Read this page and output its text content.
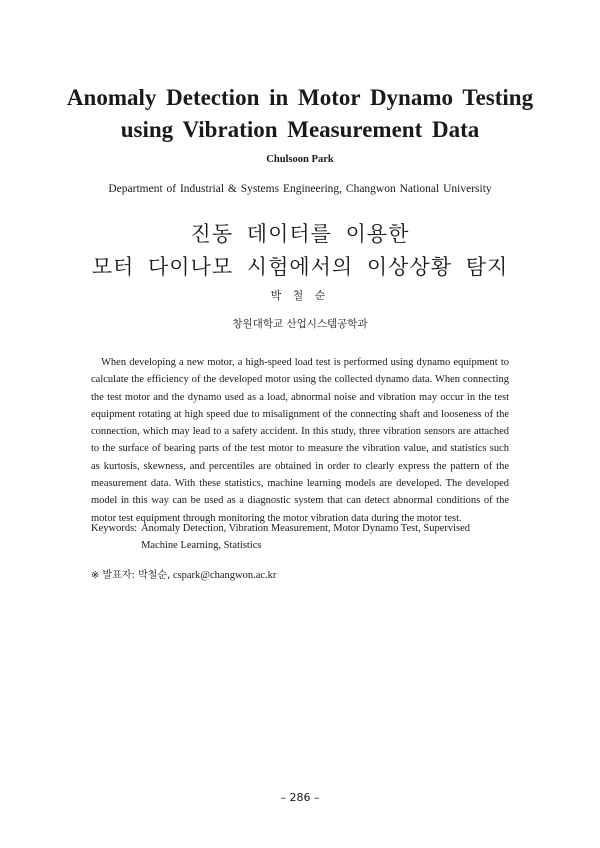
Anomaly Detection in Motor Dynamo Testing using Vibration Measurement Data
Chulsoon Park
Department of Industrial & Systems Engineering, Changwon National University
진동 데이터를 이용한
모터 다이나모 시험에서의 이상상황 탐지
박 철 순
창원대학교 산업시스템공학과

When developing a new motor, a high-speed load test is performed using dynamo equipment to calculate the efficiency of the developed motor using the collected dynamo data. When connecting the test motor and the dynamo used as a load, abnormal noise and vibration may occur in the test equipment rotating at high speed due to misalignment of the connecting shaft and looseness of the connection, which may lead to a safety accident. In this study, three vibration sensors are attached to the surface of bearing parts of the test motor to measure the vibration value, and statistics such as kurtosis, skewness, and percentiles are obtained in order to clearly express the pattern of the measurement data. With these statistics, machine learning models are developed. The developed model in this way can be used as a diagnostic system that can detect abnormal conditions of the motor test equipment through monitoring the motor vibration data during the motor test.

Keywords: Anomaly Detection, Vibration Measurement, Motor Dynamo Test, Supervised Machine Learning, Statistics
※ 발표자: 박철순, cspark@changwon.ac.kr
– 286 –
